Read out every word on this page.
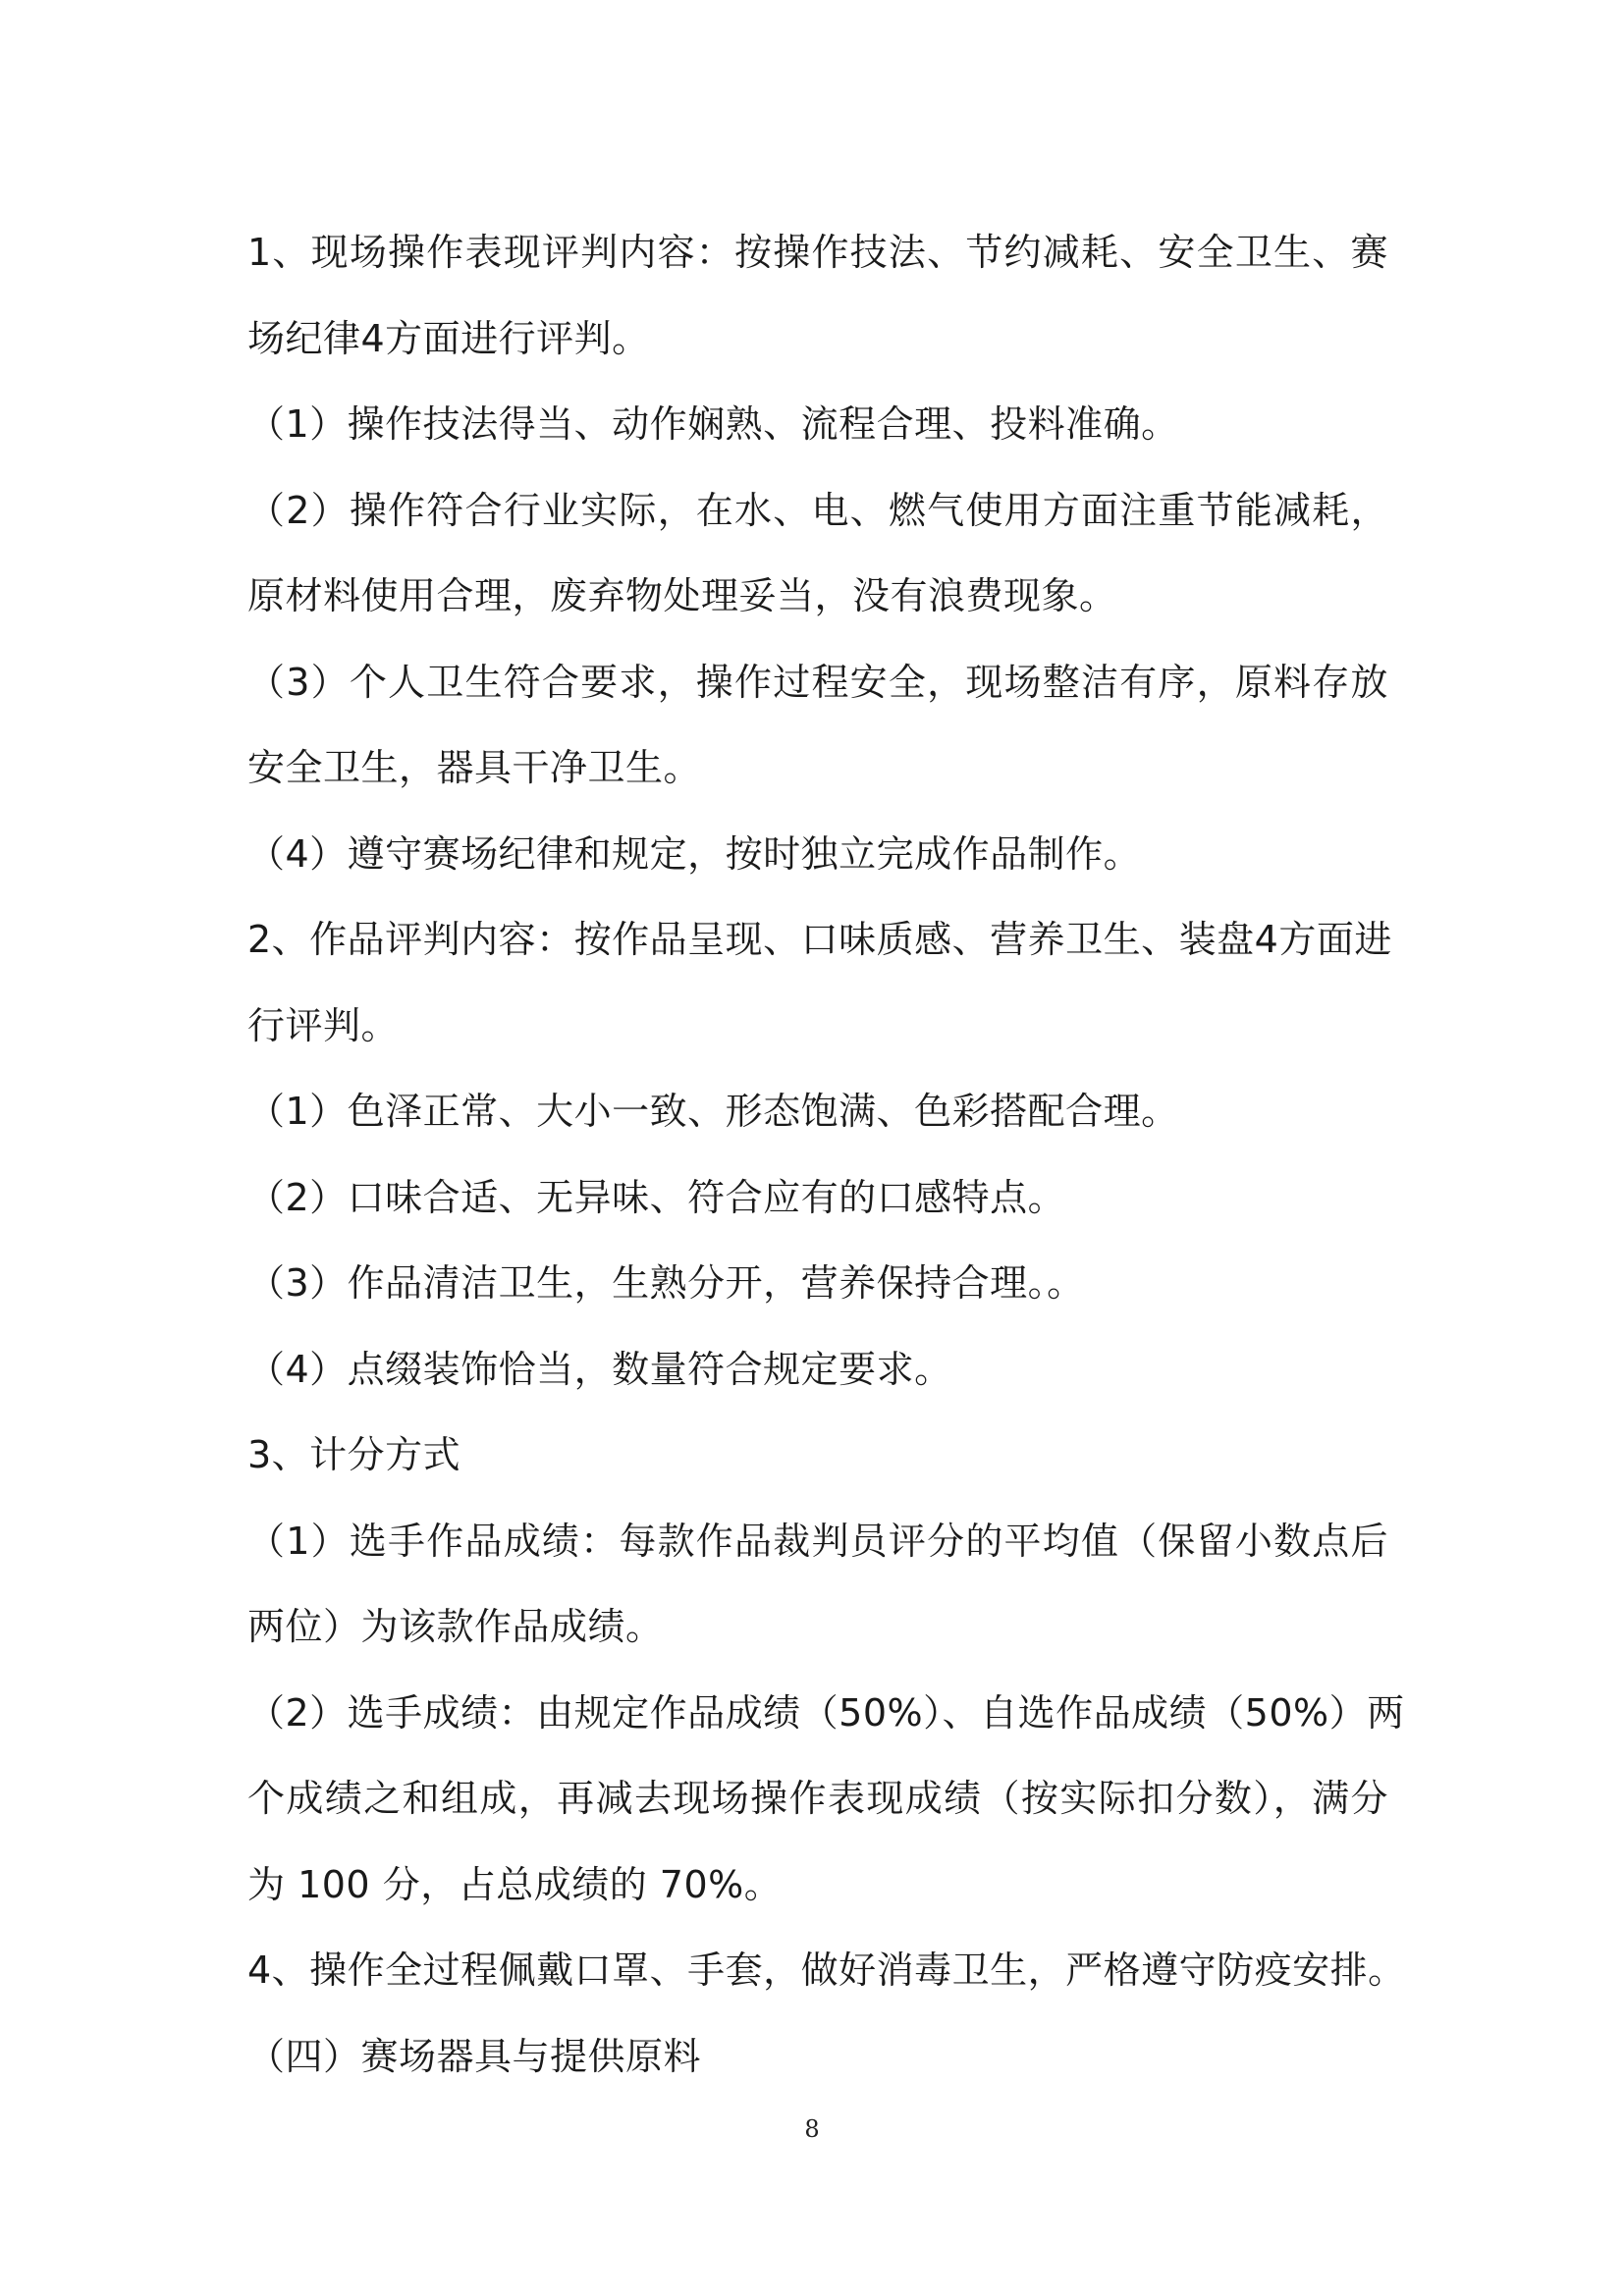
1、现场操作表现评判内容：按操作技法、节约减耗、安全卫生、赛
场纪律4方面进行评判。
（1）操作技法得当、动作娴熟、流程合理、投料准确。
（2）操作符合行业实际，在水、电、燃气使用方面注重节能减耗，
原材料使用合理，废弃物处理妥当，没有浪费现象。
（3）个人卫生符合要求，操作过程安全，现场整洁有序，原料存放
安全卫生，器具干净卫生。
（4）遵守赛场纪律和规定，按时独立完成作品制作。
2、作品评判内容：按作品呈现、口味质感、营养卫生、装盘4方面进
行评判。
（1）色泽正常、大小一致、形态饱满、色彩搭配合理。
（2）口味合适、无异味、符合应有的口感特点。
（3）作品清洁卫生，生熟分开，营养保持合理。。
（4）点缀装饰恰当，数量符合规定要求。
3、计分方式
（1）选手作品成绩：每款作品裁判员评分的平均值（保留小数点后
两位）为该款作品成绩。
（2）选手成绩：由规定作品成绩（50%）、自选作品成绩（50%）两
个成绩之和组成，再减去现场操作表现成绩（按实际扣分数），满分
为 100 分，占总成绩的 70%。
4、操作全过程佩戴口罩、手套，做好消毒卫生，严格遵守防疫安排。
（四）赛场器具与提供原料
8
